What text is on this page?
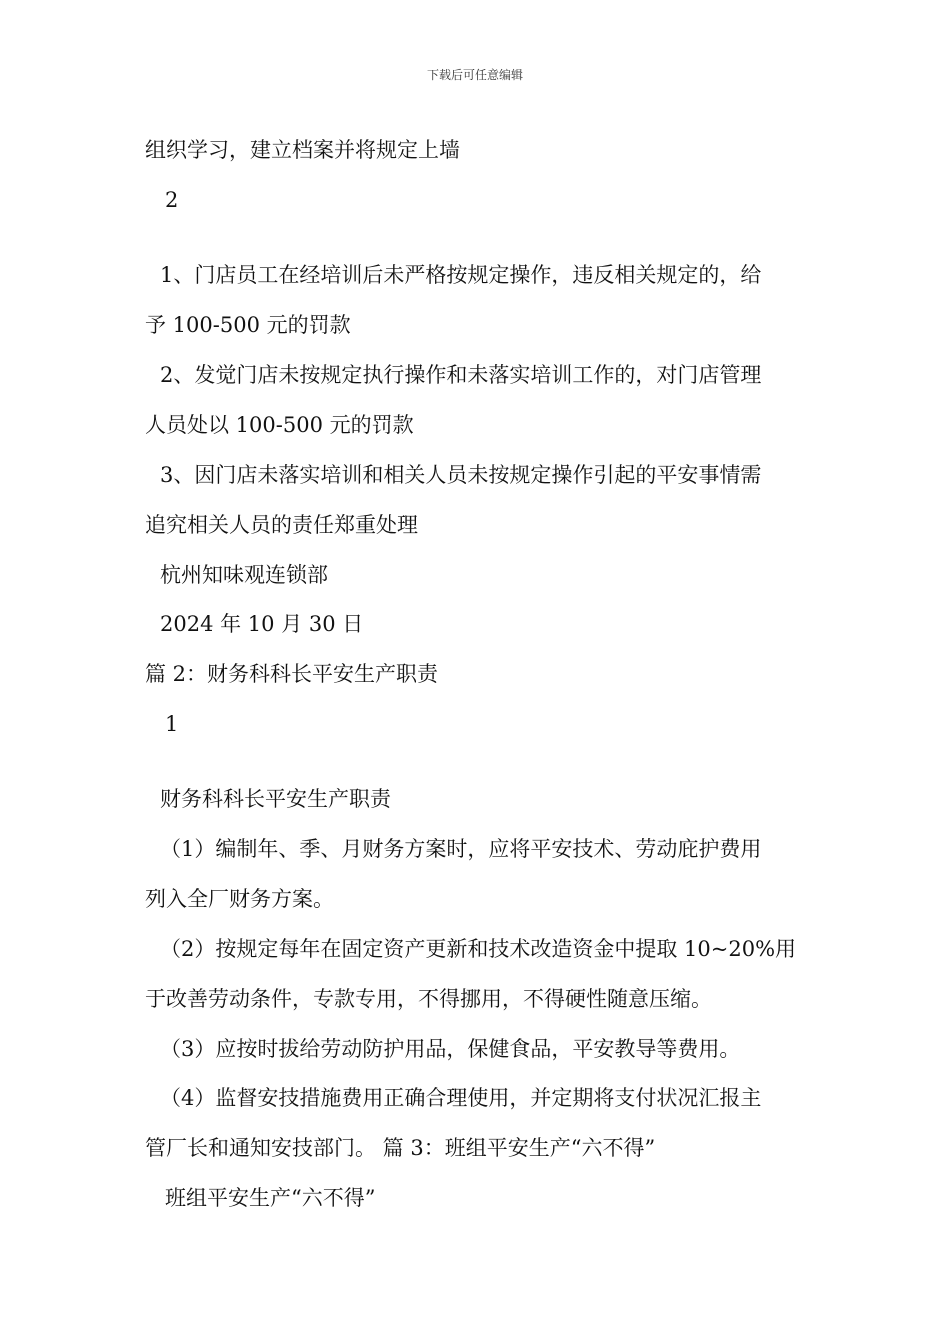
下载后可任意编辑
组织学习，建立档案并将规定上墙
2
1、门店员工在经培训后未严格按规定操作，违反相关规定的，给
予 100-500 元的罚款
2、发觉门店未按规定执行操作和未落实培训工作的，对门店管理
人员处以 100-500 元的罚款
3、因门店未落实培训和相关人员未按规定操作引起的平安事情需
追究相关人员的责任郑重处理
杭州知味观连锁部
2024 年 10 月 30 日
篇 2：财务科科长平安生产职责
1
财务科科长平安生产职责
（1）编制年、季、月财务方案时，应将平安技术、劳动庇护费用
列入全厂财务方案。
（2）按规定每年在固定资产更新和技术改造资金中提取 10~20%用
于改善劳动条件，专款专用，不得挪用，不得硬性随意压缩。
（3）应按时拔给劳动防护用品，保健食品，平安教导等费用。
（4）监督安技措施费用正确合理使用，并定期将支付状况汇报主
管厂长和通知安技部门。 篇 3：班组平安生产“六不得”
班组平安生产“六不得”
